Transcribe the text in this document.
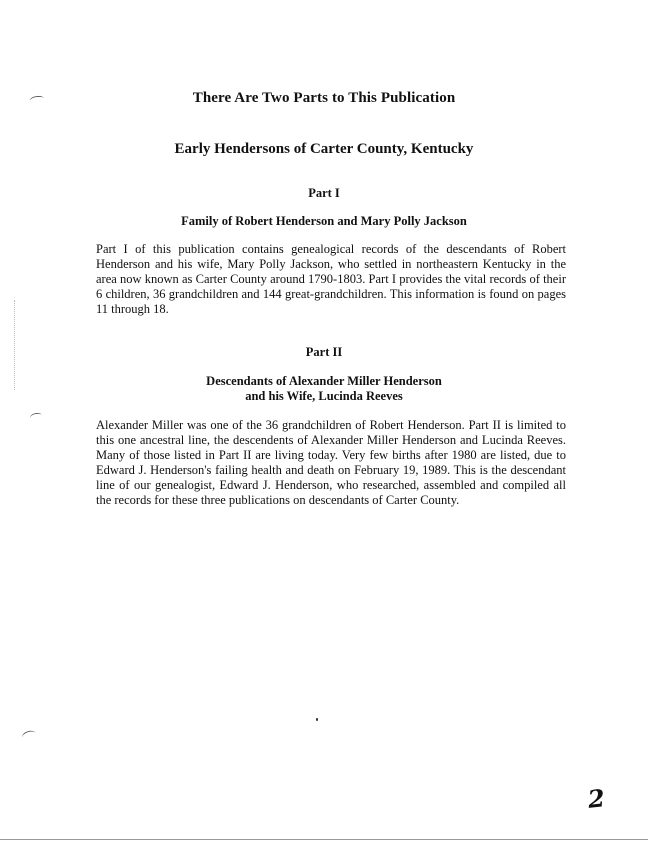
There Are Two Parts to This Publication
Early Hendersons of Carter County, Kentucky
Part I
Family of Robert Henderson and Mary Polly Jackson

Part I of this publication contains genealogical records of the descendants of Robert Henderson and his wife, Mary Polly Jackson, who settled in northeastern Kentucky in the area now known as Carter County around 1790-1803. Part I provides the vital records of their 6 children, 36 grandchildren and 144 great-grandchildren. This information is found on pages 11 through 18.

Part II
Descendants of Alexander Miller Henderson
and his Wife, Lucinda Reeves

Alexander Miller was one of the 36 grandchildren of Robert Henderson. Part II is limited to this one ancestral line, the descendents of Alexander Miller Henderson and Lucinda Reeves. Many of those listed in Part II are living today. Very few births after 1980 are listed, due to Edward J. Henderson's failing health and death on February 19, 1989. This is the descendant line of our genealogist, Edward J. Henderson, who researched, assembled and compiled all the records for these three publications on descendants of Carter County.

2
